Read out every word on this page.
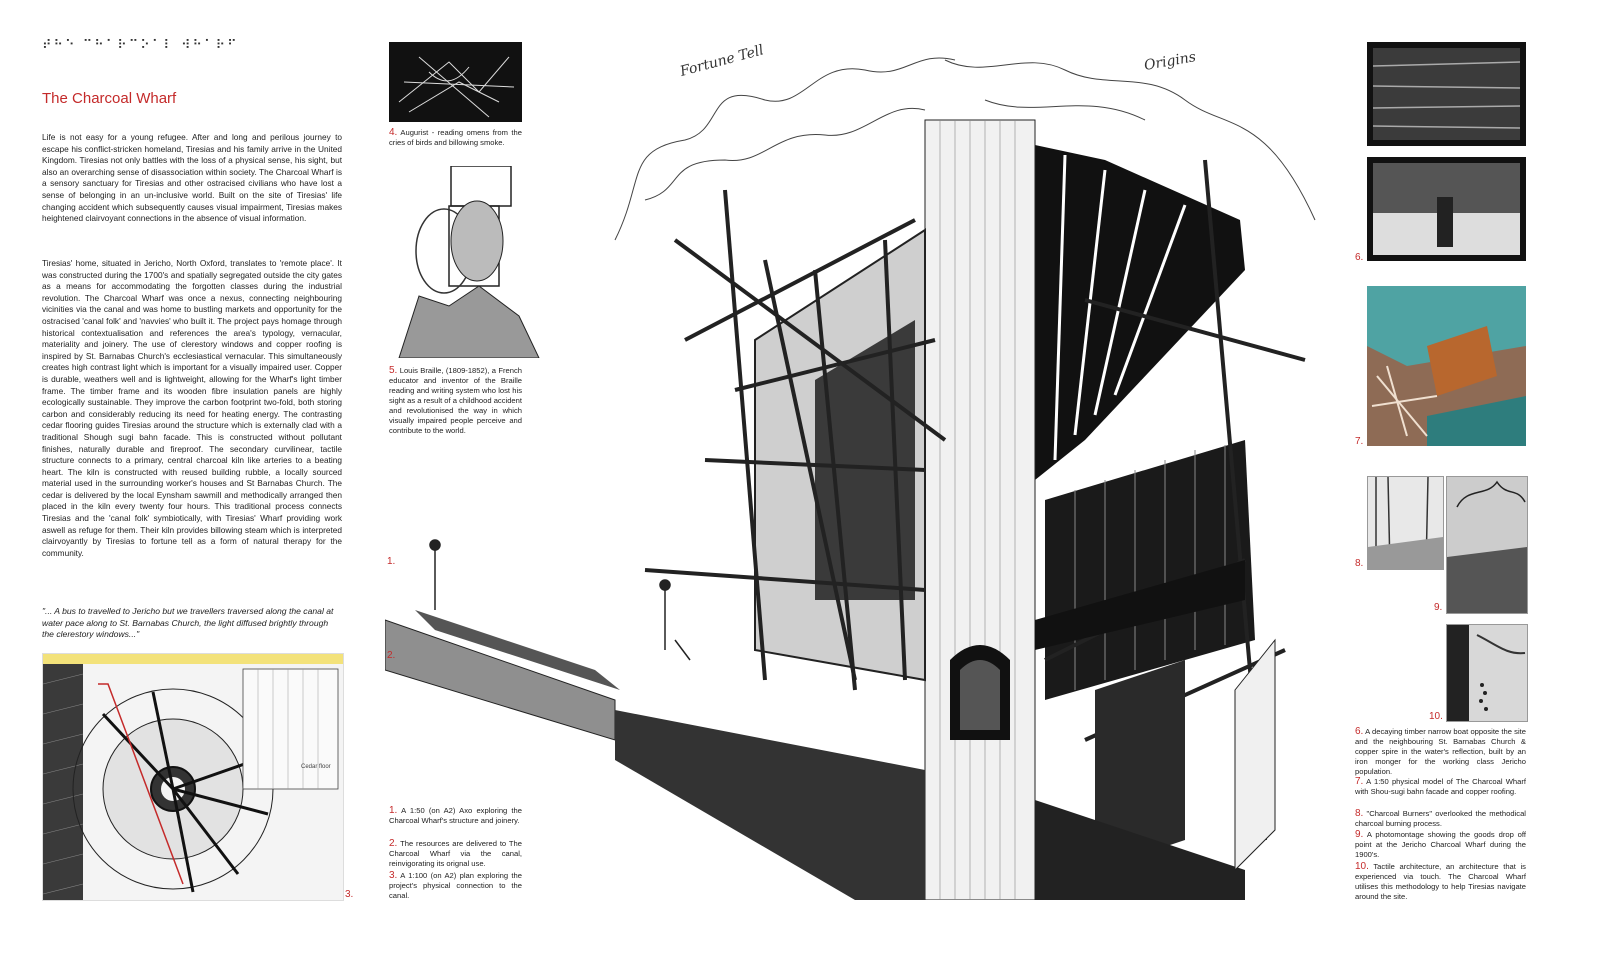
⠞⠓⠑ ⠉⠓⠁⠗⠉⠕⠁⠇ ⠺⠓⠁⠗⠋
The Charcoal Wharf
Life is not easy for a young refugee. After and long and perilous journey to escape his conflict-stricken homeland, Tiresias and his family arrive in the United Kingdom. Tiresias not only battles with the loss of a physical sense, his sight, but also an overarching sense of disassociation within society. The Charcoal Wharf is a sensory sanctuary for Tiresias and other ostracised civilians who have lost a sense of belonging in an un-inclusive world. Built on the site of Tiresias' life changing accident which subsequently causes visual impairment, Tiresias makes heightened clairvoyant connections in the absence of visual information.
Tiresias' home, situated in Jericho, North Oxford, translates to 'remote place'. It was constructed during the 1700's and spatially segregated outside the city gates as a means for accommodating the forgotten classes during the industrial revolution. The Charcoal Wharf was once a nexus, connecting neighbouring vicinities via the canal and was home to bustling markets and opportunity for the ostracised 'canal folk' and 'navvies' who built it. The project pays homage through historical contextualisation and references the area's typology, vernacular, materiality and joinery. The use of clerestory windows and copper roofing is inspired by St. Barnabas Church's ecclesiastical vernacular. This simultaneously creates high contrast light which is important for a visually impaired user. Copper is durable, weathers well and is lightweight, allowing for the Wharf's light timber frame. The timber frame and its wooden fibre insulation panels are highly ecologically sustainable. They improve the carbon footprint two-fold, both storing carbon and considerably reducing its need for heating energy. The contrasting cedar flooring guides Tiresias around the structure which is externally clad with a traditional Shough sugi bahn facade. This is constructed without pollutant finishes, naturally durable and fireproof. The secondary curvilinear, tactile structure connects to a primary, central charcoal kiln like arteries to a beating heart. The kiln is constructed with reused building rubble, a locally sourced material used in the surrounding worker's houses and St Barnabas Church. The cedar is delivered by the local Eynsham sawmill and methodically arranged then placed in the kiln every twenty four hours. This traditional process connects Tiresias and the 'canal folk' symbiotically, with Tiresias' Wharf providing work aswell as refuge for them. Their kiln provides billowing steam which is interpreted clairvoyantly by Tiresias to fortune tell as a form of natural therapy for the community.
"... A bus to travelled to Jericho but we travellers traversed along the canal at water pace along to St. Barnabas Church, the light diffused brightly through the clerestory windows..."
Cedar floor
3.
4. Augurist - reading omens from the cries of birds and billowing smoke.
5. Louis Braille, (1809-1852), a French educator and inventor of the Braille reading and writing system who lost his sight as a result of a childhood accident and revolutionised the way in which visually impaired people perceive and contribute to the world.
Fortune Tell	Origins
1.
2.
1. A 1:50 (on A2) Axo exploring the Charcoal Wharf's structure and joinery.
2. The resources are delivered to The Charcoal Wharf via the canal, reinvigorating its orignal use.
3. A 1:100 (on A2) plan exploring the project's physical connection to the canal.
6.
7.
8.
9.
10.
6. A decaying timber narrow boat opposite the site and the neighbouring St. Barnabas Church & copper spire in the water's reflection, built by an iron monger for the working class Jericho population.
7. A 1:50 physical model of The Charcoal Wharf with Shou-sugi bahn facade and copper roofing.
8. "Charcoal Burners" overlooked the methodical charcoal burning process.
9. A photomontage showing the goods drop off point at the Jericho Charcoal Wharf during the 1900's.
10. Tactile architecture, an architecture that is experienced via touch. The Charcoal Wharf utilises this methodology to help Tiresias navigate around the site.
